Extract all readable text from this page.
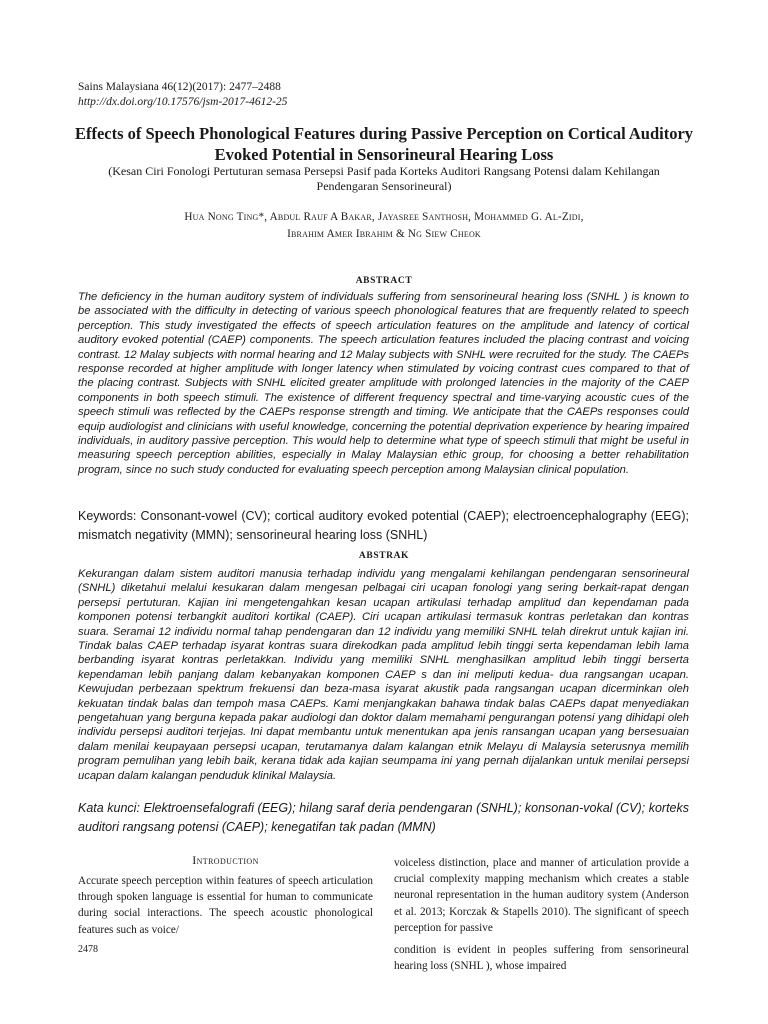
Sains Malaysiana 46(12)(2017): 2477–2488
http://dx.doi.org/10.17576/jsm-2017-4612-25
Effects of Speech Phonological Features during Passive Perception on Cortical Auditory Evoked Potential in Sensorineural Hearing Loss
(Kesan Ciri Fonologi Pertuturan semasa Persepsi Pasif pada Korteks Auditori Rangsang Potensi dalam Kehilangan Pendengaran Sensorineural)
Hua Nong Ting*, Abdul Rauf A Bakar, Jayasree Santhosh, Mohammed G. Al-Zidi,
Ibrahim Amer Ibrahim & Ng Siew Cheok
ABSTRACT
The deficiency in the human auditory system of individuals suffering from sensorineural hearing loss (SNHL ) is known to be associated with the difficulty in detecting of various speech phonological features that are frequently related to speech perception. This study investigated the effects of speech articulation features on the amplitude and latency of cortical auditory evoked potential (CAEP) components. The speech articulation features included the placing contrast and voicing contrast. 12 Malay subjects with normal hearing and 12 Malay subjects with SNHL were recruited for the study. The CAEPs response recorded at higher amplitude with longer latency when stimulated by voicing contrast cues compared to that of the placing contrast. Subjects with SNHL elicited greater amplitude with prolonged latencies in the majority of the CAEP components in both speech stimuli. The existence of different frequency spectral and time-varying acoustic cues of the speech stimuli was reflected by the CAEPs response strength and timing. We anticipate that the CAEPs responses could equip audiologist and clinicians with useful knowledge, concerning the potential deprivation experience by hearing impaired individuals, in auditory passive perception. This would help to determine what type of speech stimuli that might be useful in measuring speech perception abilities, especially in Malay Malaysian ethic group, for choosing a better rehabilitation program, since no such study conducted for evaluating speech perception among Malaysian clinical population.
Keywords: Consonant-vowel (CV); cortical auditory evoked potential (CAEP); electroencephalography (EEG); mismatch negativity (MMN); sensorineural hearing loss (SNHL)
ABSTRAK
Kekurangan dalam sistem auditori manusia terhadap individu yang mengalami kehilangan pendengaran sensorineural (SNHL) diketahui melalui kesukaran dalam mengesan pelbagai ciri ucapan fonologi yang sering berkait-rapat dengan persepsi pertuturan. Kajian ini mengetengahkan kesan ucapan artikulasi terhadap amplitud dan kependaman pada komponen potensi terbangkit auditori kortikal (CAEP). Ciri ucapan artikulasi termasuk kontras perletakan dan kontras suara. Seramai 12 individu normal tahap pendengaran dan 12 individu yang memiliki SNHL telah direkrut untuk kajian ini. Tindak balas CAEP terhadap isyarat kontras suara direkodkan pada amplitud lebih tinggi serta kependaman lebih lama berbanding isyarat kontras perletakkan. Individu yang memiliki SNHL menghasilkan amplitud lebih tinggi berserta kependaman lebih panjang dalam kebanyakan komponen CAEP s dan ini meliputi kedua- dua rangsangan ucapan. Kewujudan perbezaan spektrum frekuensi dan beza-masa isyarat akustik pada rangsangan ucapan dicerminkan oleh kekuatan tindak balas dan tempoh masa CAEPs. Kami menjangkakan bahawa tindak balas CAEPs dapat menyediakan pengetahuan yang berguna kepada pakar audiologi dan doktor dalam memahami pengurangan potensi yang dihidapi oleh individu persepsi auditori terjejas. Ini dapat membantu untuk menentukan apa jenis ransangan ucapan yang bersesuaian dalam menilai keupayaan persepsi ucapan, terutamanya dalam kalangan etnik Melayu di Malaysia seterusnya memilih program pemulihan yang lebih baik, kerana tidak ada kajian seumpama ini yang pernah dijalankan untuk menilai persepsi ucapan dalam kalangan penduduk klinikal Malaysia.
Kata kunci: Elektroensefalografi (EEG); hilang saraf deria pendengaran (SNHL); konsonan-vokal (CV); korteks auditori rangsang potensi (CAEP); kenegatifan tak padan (MMN)
Introduction
Accurate speech perception within features of speech articulation through spoken language is essential for human to communicate during social interactions. The speech acoustic phonological features such as voice/
2478
voiceless distinction, place and manner of articulation provide a crucial complexity mapping mechanism which creates a stable neuronal representation in the human auditory system (Anderson et al. 2013; Korczak & Stapells 2010). The significant of speech perception for passive
condition is evident in peoples suffering from sensorineural hearing loss (SNHL ), whose impaired
